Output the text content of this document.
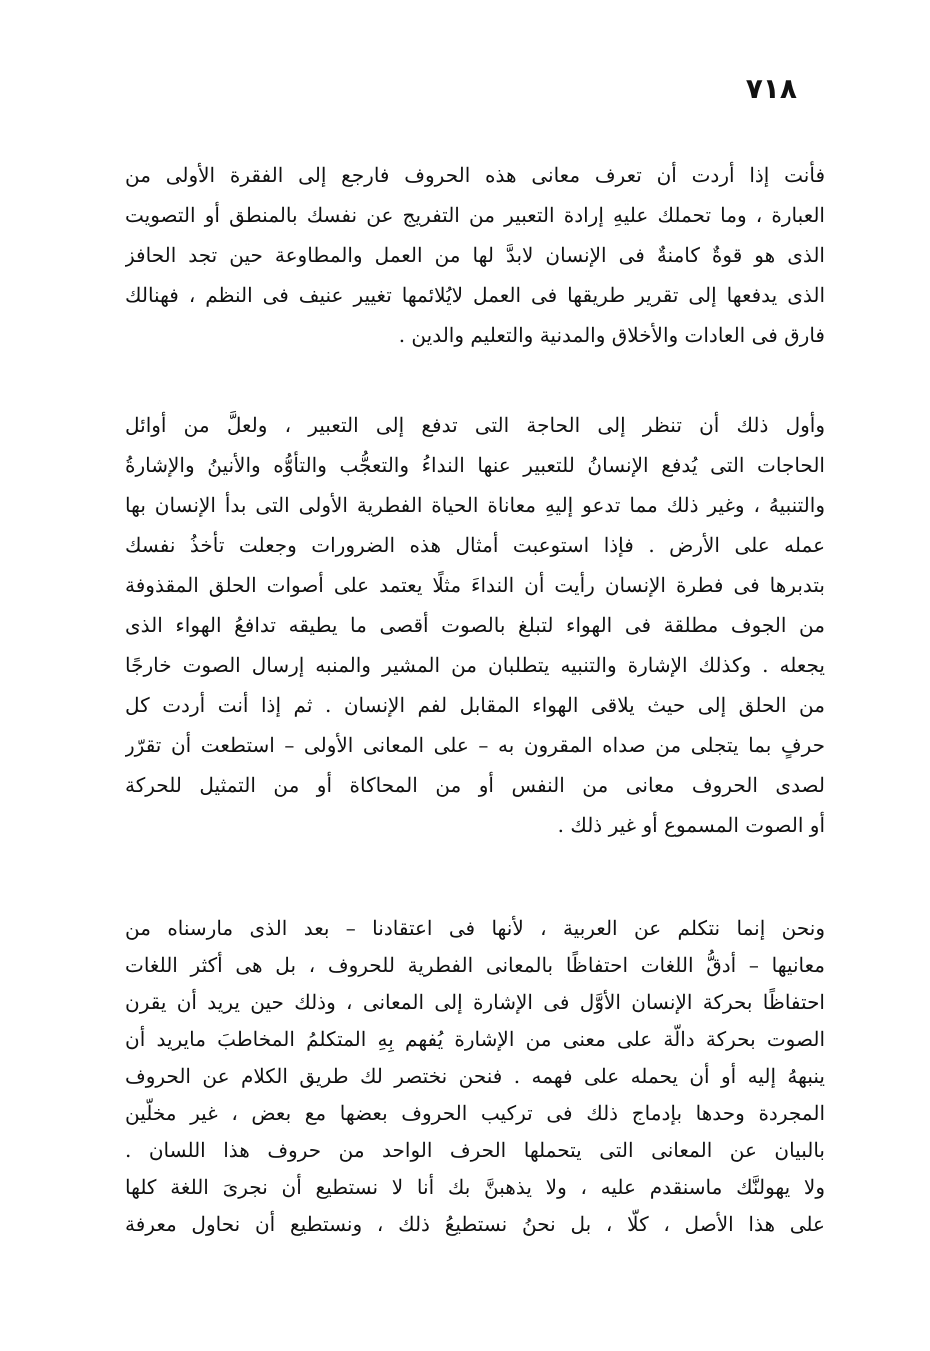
٧١٨
فأنت إذا أردت أن تعرف معانى هذه الحروف فارجع إلى الفقرة الأولى من
العبارة ، وما تحملك عليهِ إرادة التعبير من التفريج عن نفسك بالمنطق أو التصويت
الذى هو قوةٌ كامنةٌ فى الإنسان لابدَّ لها من العمل والمطاوعة حين تجد الحافز
الذى يدفعها إلى تقرير طريقها فى العمل لايُلائمها تغيير عنيف فى النظم ، فهنالك
فارق فى العادات والأخلاق والمدنية والتعليم والدين .
وأول ذلك أن تنظر إلى الحاجة التى تدفع إلى التعبير ، ولعلَّ من أوائل
الحاجات التى يُدفع الإنسانُ للتعبير عنها النداءُ والتعجُّب والتأوُّه والأنينُ والإشارةُ
والتنبيهُ ، وغير ذلك مما تدعو إليهِ معاناة الحياة الفطرية الأولى التى بدأ الإنسان بها
عمله على الأرض . فإذا استوعبت أمثال هذه الضرورات وجعلت تأخذُ نفسك
بتدبرها فى فطرة الإنسان رأيت أن النداءَ مثلًا يعتمد على أصوات الحلق المقذوفة
من الجوف مطلقة فى الهواء لتبلغ بالصوت أقصى ما يطيقه تدافعُ الهواء الذى
يجعله . وكذلك الإشارة والتنبيه يتطلبان من المشير والمنبه إرسال الصوت خارجًا
من الحلق إلى حيث يلاقى الهواء المقابل لفم الإنسان . ثم إذا أنت أردت كل
حرفٍ بما يتجلى من صداه المقرون به – على المعانى الأولى – استطعت أن تقرّر
لصدى الحروف معانى من النفس أو من المحاكاة أو من التمثيل للحركة
أو الصوت المسموع أو غير ذلك .
ونحن إنما نتكلم عن العربية ، لأنها فى اعتقادنا – بعد الذى مارسناه من
معانيها – أدقُّ اللغات احتفاظًا بالمعانى الفطرية للحروف ، بل هى أكثر اللغات
احتفاظًا بحركة الإنسان الأوَّل فى الإشارة إلى المعانى ، وذلك حين يريد أن يقرن
الصوت بحركة دالّة على معنى من الإشارة يُفهم بِهِ المتكلمُ المخاطبَ مايريد أن
ينبههُ إليه أو أن يحمله على فهمه . فنحن نختصر لك طريق الكلام عن الحروف
المجردة وحدها بإدماج ذلك فى تركيب الحروف بعضها مع بعض ، غير مخلّين
بالبيان عن المعانى التى يتحملها الحرف الواحد من حروف هذا اللسان .
ولا يهولنَّك ماسنقدم عليه ، ولا يذهبنَّ بك أنا لا نستطيع أن نجرىَ اللغة كلها
على هذا الأصل ، كلّا ، بل نحنُ نستطيعُ ذلك ، ونستطيع أن نحاول معرفة
